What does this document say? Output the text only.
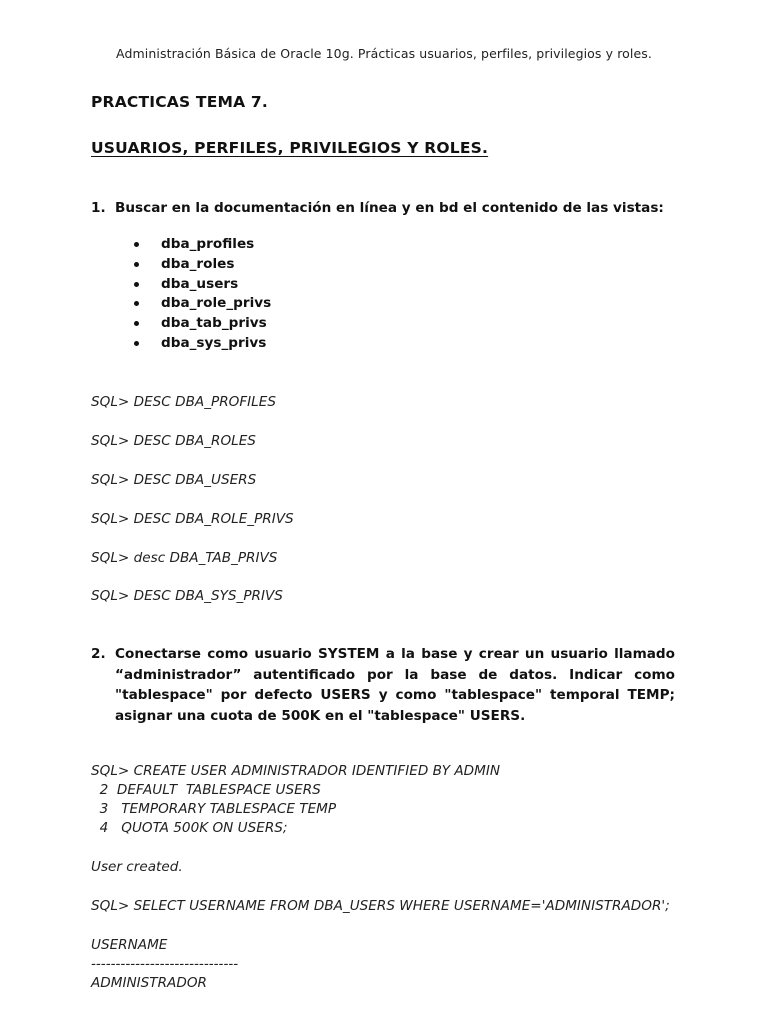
Administración Básica de Oracle 10g. Prácticas usuarios, perfiles, privilegios y roles.
PRACTICAS TEMA 7.
USUARIOS, PERFILES, PRIVILEGIOS Y ROLES.
1. Buscar en la documentación en línea y en bd el contenido de las vistas:
dba_profiles
dba_roles
dba_users
dba_role_privs
dba_tab_privs
dba_sys_privs
SQL> DESC DBA_PROFILES
SQL> DESC DBA_ROLES
SQL> DESC DBA_USERS
SQL> DESC DBA_ROLE_PRIVS
SQL> desc DBA_TAB_PRIVS
SQL> DESC DBA_SYS_PRIVS
2. Conectarse como usuario SYSTEM a la base y crear un usuario llamado “administrador” autentificado por la base de datos. Indicar como "tablespace" por defecto USERS y como "tablespace" temporal TEMP; asignar una cuota de 500K en el "tablespace" USERS.
SQL> CREATE USER ADMINISTRADOR IDENTIFIED BY ADMIN
2  DEFAULT  TABLESPACE USERS
3   TEMPORARY TABLESPACE TEMP
4   QUOTA 500K ON USERS;
User created.
SQL> SELECT USERNAME FROM DBA_USERS WHERE USERNAME='ADMINISTRADOR';
USERNAME
------------------------------
ADMINISTRADOR
